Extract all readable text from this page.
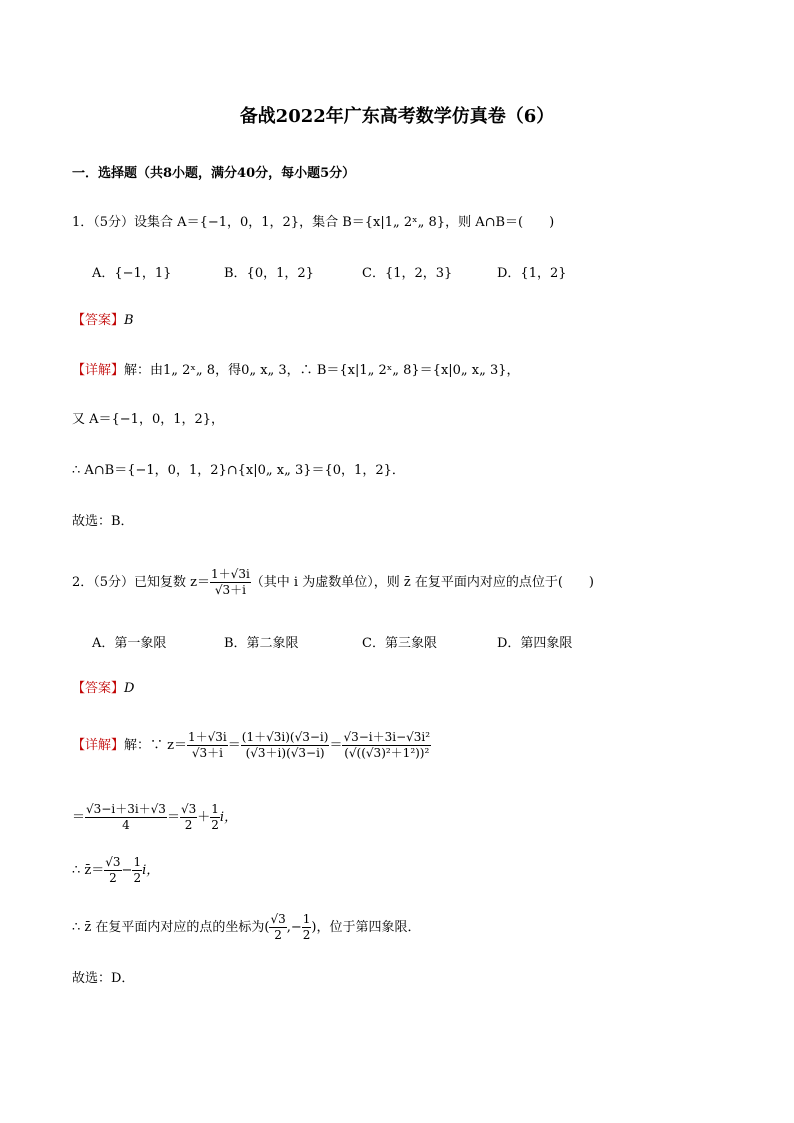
备战2022年广东高考数学仿真卷（6）
一．选择题（共8小题，满分40分，每小题5分）
1．（5分）设集合 A＝{−1，0，1，2}，集合 B＝{x|1„ 2ˣ„ 8}，则 A∩B＝(　　)
A．{−1，1}	B．{0，1，2}	C．{1，2，3}	D．{1，2}
【答案】B
【详解】解：由1„ 2ˣ„ 8，得0„ x„ 3，∴ B＝{x|1„ 2ˣ„ 8}＝{x|0„ x„ 3}，
又 A＝{−1，0，1，2}，
∴ A∩B＝{−1，0，1，2}∩{x|0„ x„ 3}＝{0，1，2}．
故选：B．
2．（5分）已知复数 $z= \frac{1+√3i}{√3+i}$ （其中 i 为虚数单位），则 z̄ 在复平面内对应的点位于(　　)
A．第一象限	B．第二象限	C．第三象限	D．第四象限
【答案】D
【详解】解：∵ $z= \frac{1+√3i}{√3+i} = \frac{(1+√3i)(√3-i)}{(√3+i)(√3-i)} = \frac{\text{√3−i＋3i−√3i²}}{\text{(√((√3)²＋1²))²}}$
＝ $\frac{√3-i+3i+√3}{4} = \frac{√3}{2} + \frac{1}{2}$ i，
∴ z̄＝ $\frac{√3}{2} - \frac{1}{2}$ i，
∴ z̄ 在复平面内对应的点的坐标为( $\frac{√3}{2}$ ,− $\frac{1}{2}$ )，位于第四象限．
故选：D．
